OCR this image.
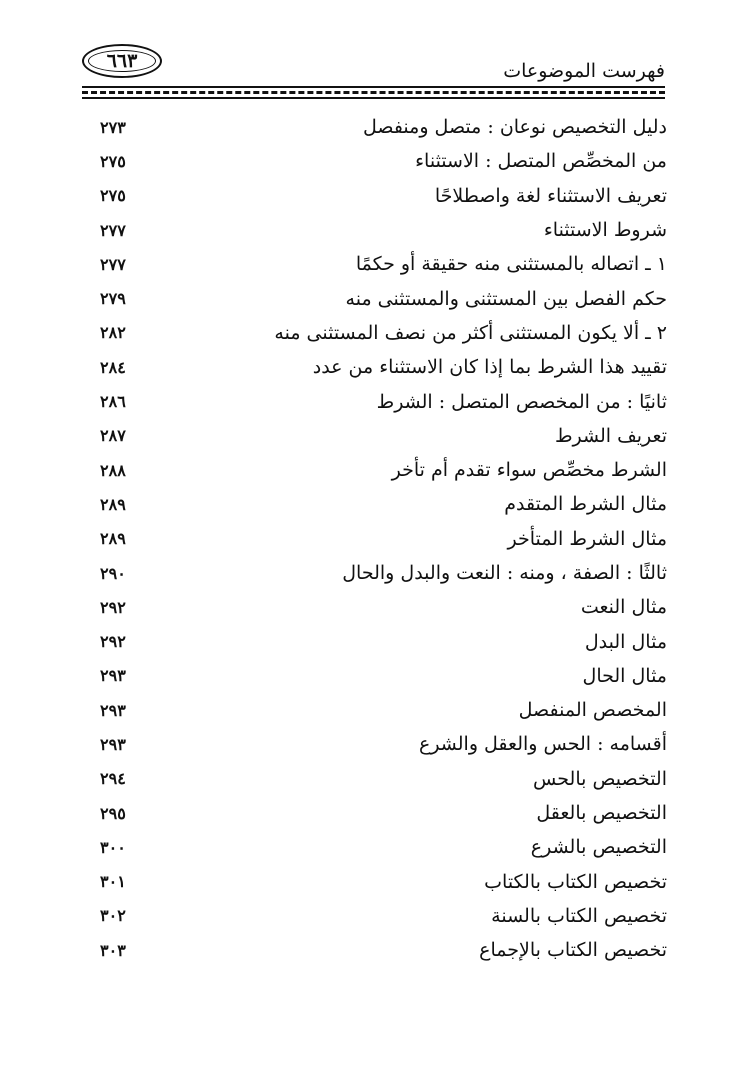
٦٦٣	فهرست الموضوعات
٢٧٣	دليل التخصيص نوعان : متصل ومنفصل
٢٧٥	من المخصِّص المتصل : الاستثناء
٢٧٥	تعريف الاستثناء لغة واصطلاحًا
٢٧٧	شروط الاستثناء
٢٧٧	١ ـ اتصاله بالمستثنى منه حقيقة أو حكمًا
٢٧٩	حكم الفصل بين المستثنى والمستثنى منه
٢٨٢	٢ ـ ألا يكون المستثنى أكثر من نصف المستثنى منه
٢٨٤	تقييد هذا الشرط بما إذا كان الاستثناء من عدد
٢٨٦	ثانيًا : من المخصص المتصل : الشرط
٢٨٧	تعريف الشرط
٢٨٨	الشرط مخصِّص سواء تقدم أم تأخر
٢٨٩	مثال الشرط المتقدم
٢٨٩	مثال الشرط المتأخر
٢٩٠	ثالثًا : الصفة ، ومنه : النعت والبدل والحال
٢٩٢	مثال النعت
٢٩٢	مثال البدل
٢٩٣	مثال الحال
٢٩٣	المخصص المنفصل
٢٩٣	أقسامه : الحس والعقل والشرع
٢٩٤	التخصيص بالحس
٢٩٥	التخصيص بالعقل
٣٠٠	التخصيص بالشرع
٣٠١	تخصيص الكتاب بالكتاب
٣٠٢	تخصيص الكتاب بالسنة
٣٠٣	تخصيص الكتاب بالإجماع
